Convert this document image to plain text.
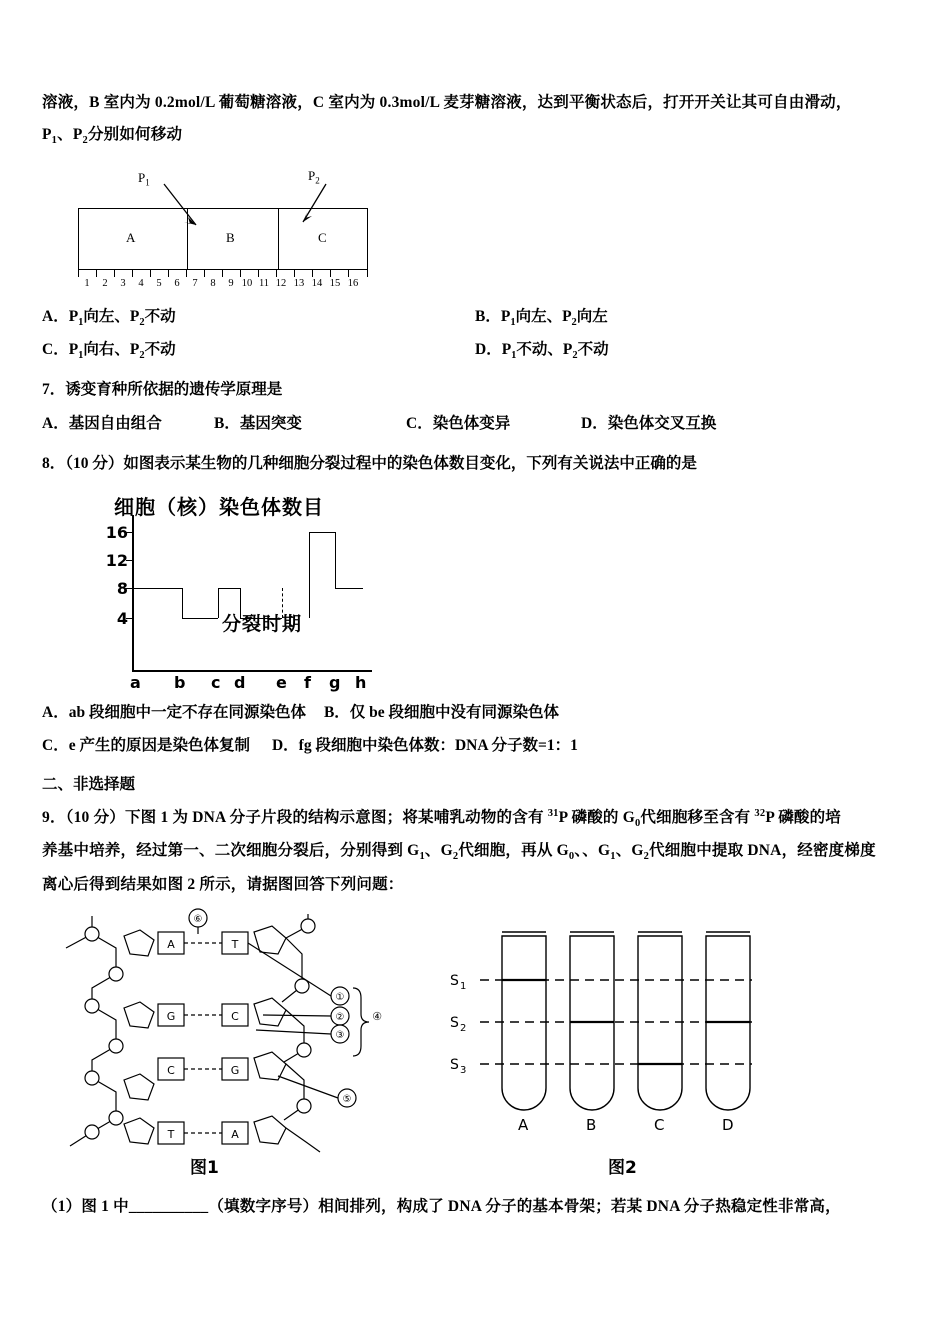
溶液，B 室内为 0.2mol/L 葡萄糖溶液，C 室内为 0.3mol/L 麦芽糖溶液，达到平衡状态后，打开开关让其可自由滑动，
$P_1$、$P_2$分别如何移动
$P_1$	$P_2$
A	B	C
1	2	3	4	5	6	7	8	9 10 11 12 13 14 15 16
A．$P_1$向左、$P_2$不动	B．$P_1$向左、$P_2$向左
C．$P_1$向右、$P_2$不动	D．$P_1$不动、$P_2$不动
7．诱变育种所依据的遗传学原理是
A．基因自由组合	B．基因突变	C．染色体变异	D．染色体交叉互换
8．（10 分）如图表示某生物的几种细胞分裂过程中的染色体数目变化，下列有关说法中正确的是
细胞（核）染色体数目
16
12
8
4
a b c d e f g h
分裂时期
A．ab 段细胞中一定不存在同源染色体 B．仅 be 段细胞中没有同源染色体
C．e 产生的原因是染色体复制 D．fg 段细胞中染色体数：DNA 分子数=1：1
二、非选择题
9．（10 分）下图 1 为 DNA 分子片段的结构示意图；将某哺乳动物的含有 $^{31}$P 磷酸的 $G_0$代细胞移至含有 $^{32}$P 磷酸的培
养基中培养，经过第一、二次细胞分裂后，分别得到 $G_1$、$G_2$代细胞，再从 $G_0$、、$G_1$、$G_2$代细胞中提取 DNA，经密度梯度
离心后得到结果如图 2 所示，请据图回答下列问题：
A
G
C
T
T
C
G
A
⑥
①
②
③
⑤
④
图1
S 1
S 2
S 3
A	B	C	D
图2
（1）图 1 中__________（填数字序号）相间排列，构成了 DNA 分子的基本骨架；若某 DNA 分子热稳定性非常高，
